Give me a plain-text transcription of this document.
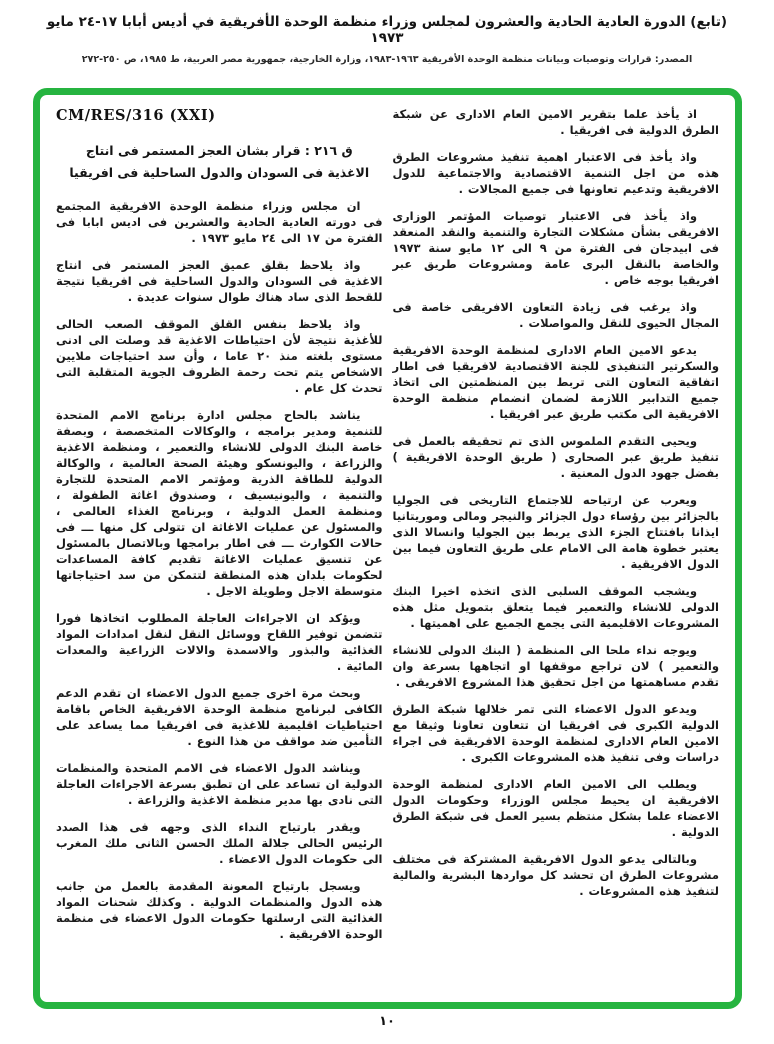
(تابع) الدورة العادية الحادية والعشرون لمجلس وزراء منظمة الوحدة الأفريقية في أديس أبابا ١٧-٢٤ مايو ١٩٧٣
المصدر: قرارات وتوصيات وبيانات منظمة الوحدة الأفريقية ١٩٦٣-١٩٨٣، وزارة الخارجية، جمهورية مصر العربية، ط ١٩٨٥، ص ٢٥٠-٢٧٢
CM/RES/316 (XXI)
ق ٢١٦ : قرار بشان العجز المستمر فى انتاج
الاغذية فى السودان والدول الساحلية فى افريقيا

ان مجلس وزراء منظمة الوحدة الافريقية المجتمع فى دورته العادية الحادية والعشرين فى اديس ابابا فى الفترة من ١٧ الى ٢٤ مايو ١٩٧٣ .

واذ يلاحظ بقلق عميق العجز المستمر فى انتاج الاغذية فى السودان والدول الساحلية فى افريقيا نتيجة للقحط الذى ساد هناك طوال سنوات عديدة .

واذ يلاحظ بنفس القلق الموقف الصعب الحالى للأغذية نتيجة لأن احتياطات الاغذية قد وصلت الى ادنى مستوى بلغته منذ ٢٠ عاما ، وأن سد احتياجات ملايين الاشخاص يتم تحت رحمة الظروف الجوية المتقلبة التى تحدث كل عام .

يناشد بالحاح مجلس ادارة برنامج الامم المتحدة للتنمية ومدير برامجه ، والوكالات المتخصصة ، وبصفة خاصة البنك الدولى للانشاء والتعمير ، ومنظمة الاغذية والزراعة ، واليونسكو وهيئة الصحة العالمية ، والوكالة الدولية للطاقة الذرية ومؤتمر الامم المتحدة للتجارة والتنمية ، واليونيسيف ، وصندوق اغاثة الطفولة ، ومنظمة العمل الدولية ، وبرنامج الغذاء العالمى ، والمسئول عن عمليات الاغاثة ان تتولى كل منها ـــ فى حالات الكوارث ـــ فى اطار برامجها وبالاتصال بالمسئول عن تنسيق عمليات الاغاثة تقديم كافة المساعدات لحكومات بلدان هذه المنطقة لتتمكن من سد احتياجاتها متوسطة الاجل وطويلة الاجل .

ويؤكد ان الاجراءات العاجلة المطلوب اتخاذها فورا تتضمن توفير اللقاح ووسائل النقل لنقل امدادات المواد الغذائية والبذور والاسمدة والالات الزراعية والمعدات المائية .

وبحث مرة اخرى جميع الدول الاعضاء ان تقدم الدعم الكافى لبرنامج منظمة الوحدة الافريقية الخاص باقامة احتياطيات اقليمية للاغذية فى افريقيا مما يساعد على التأمين ضد مواقف من هذا النوع .

ويناشد الدول الاعضاء فى الامم المتحدة والمنظمات الدولية ان تساعد على ان تطبق بسرعة الاجراءات العاجلة التى نادى بها مدير منظمة الاغذية والزراعة .

ويقدر بارتياح النداء الذى وجهه فى هذا الصدد الرئيس الحالى جلالة الملك الحسن الثانى ملك المغرب الى حكومات الدول الاعضاء .

ويسجل بارتياح المعونة المقدمة بالعمل من جانب هذه الدول والمنظمات الدولية . وكذلك شحنات المواد الغذائية التى ارسلتها حكومات الدول الاعضاء فى منظمة الوحدة الافريقية .

اذ يأخذ علما بتقرير الامين العام الادارى عن شبكة الطرق الدولية فى افريقيا .

واذ يأخذ فى الاعتبار اهمية تنفيذ مشروعات الطرق هذه من اجل التنمية الاقتصادية والاجتماعية للدول الافريقية وتدعيم تعاونها فى جميع المجالات .

واذ يأخذ فى الاعتبار توصيات المؤتمر الوزارى الافريقى بشأن مشكلات التجارة والتنمية والنقد المنعقد فى ابيدجان فى الفترة من ٩ الى ١٢ مايو سنة ١٩٧٣ والخاصة بالنقل البرى عامة ومشروعات طريق عبر افريقيا بوجه خاص .

واذ يرغب فى زيادة التعاون الافريقى خاصة فى المجال الحيوى للنقل والمواصلات .

يدعو الامين العام الادارى لمنظمة الوحدة الافريقية والسكرتير التنفيذى للجنة الاقتصادية لافريقيا فى اطار اتفاقية التعاون التى تربط بين المنظمتين الى اتخاذ جميع التدابير اللازمة لضمان انضمام منظمة الوحدة الافريقية الى مكتب طريق عبر افريقيا .

ويحيى التقدم الملموس الذى تم تحقيقه بالعمل فى تنفيذ طريق عبر الصحارى ( طريق الوحدة الافريقية ) بفضل جهود الدول المعنية .

ويعرب عن ارتياحه للاجتماع التاريخى فى الجوليا بالجزائر بين رؤساء دول الجزائر والنيجر ومالى وموريتانيا ايذانا بافتتاح الجزء الذى يربط بين الجوليا وانسالا الذى يعتبر خطوة هامة الى الامام على طريق التعاون فيما بين الدول الافريقية .

ويشجب الموقف السلبى الذى اتخذه اخيرا البنك الدولى للانشاء والتعمير فيما يتعلق بتمويل مثل هذه المشروعات الاقليمية التى يجمع الجميع على اهميتها .

ويوجه نداء ملحا الى المنظمة ( البنك الدولى للانشاء والتعمير ) لان تراجع موقفها او اتجاهها بسرعة وان تقدم مساهمتها من اجل تحقيق هذا المشروع الافريقى .

ويدعو الدول الاعضاء التى تمر خلالها شبكة الطرق الدولية الكبرى فى افريقيا ان تتعاون تعاونا وثيقا مع الامين العام الادارى لمنظمة الوحدة الافريقية فى اجراء دراسات وفى تنفيذ هذه المشروعات الكبرى .

ويطلب الى الامين العام الادارى لمنظمة الوحدة الافريقية ان يحيط مجلس الوزراء وحكومات الدول الاعضاء علما بشكل منتظم بسير العمل فى شبكة الطرق الدولية .

وبالتالى يدعو الدول الافريقية المشتركة فى مختلف مشروعات الطرق ان تحشد كل مواردها البشرية والمالية لتنفيذ هذه المشروعات .

١٠
